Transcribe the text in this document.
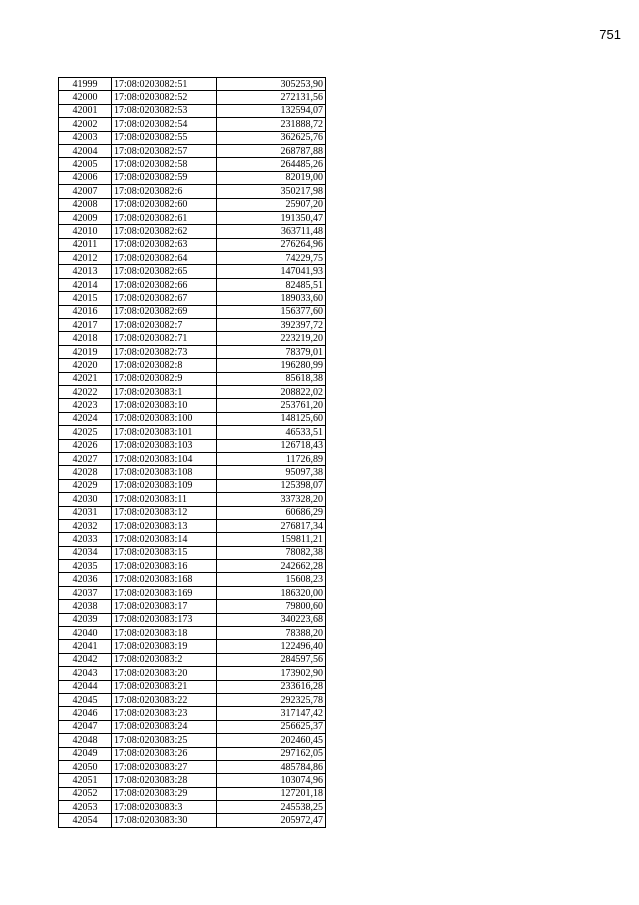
751
41999	17:08:0203082:51	305253,90
42000	17:08:0203082:52	272131,56
42001	17:08:0203082:53	132594,07
42002	17:08:0203082:54	231888,72
42003	17:08:0203082:55	362625,76
42004	17:08:0203082:57	268787,88
42005	17:08:0203082:58	264485,26
42006	17:08:0203082:59	82019,00
42007	17:08:0203082:6	350217,98
42008	17:08:0203082:60	25907,20
42009	17:08:0203082:61	191350,47
42010	17:08:0203082:62	363711,48
42011	17:08:0203082:63	276264,96
42012	17:08:0203082:64	74229,75
42013	17:08:0203082:65	147041,93
42014	17:08:0203082:66	82485,51
42015	17:08:0203082:67	189033,60
42016	17:08:0203082:69	156377,60
42017	17:08:0203082:7	392397,72
42018	17:08:0203082:71	223219,20
42019	17:08:0203082:73	78379,01
42020	17:08:0203082:8	196280,99
42021	17:08:0203082:9	85618,38
42022	17:08:0203083:1	208822,02
42023	17:08:0203083:10	253761,20
42024	17:08:0203083:100	148125,60
42025	17:08:0203083:101	46533,51
42026	17:08:0203083:103	126718,43
42027	17:08:0203083:104	11726,89
42028	17:08:0203083:108	95097,38
42029	17:08:0203083:109	125398,07
42030	17:08:0203083:11	337328,20
42031	17:08:0203083:12	60686,29
42032	17:08:0203083:13	276817,34
42033	17:08:0203083:14	159811,21
42034	17:08:0203083:15	78082,38
42035	17:08:0203083:16	242662,28
42036	17:08:0203083:168	15608,23
42037	17:08:0203083:169	186320,00
42038	17:08:0203083:17	79800,60
42039	17:08:0203083:173	340223,68
42040	17:08:0203083:18	78388,20
42041	17:08:0203083:19	122496,40
42042	17:08:0203083:2	284597,56
42043	17:08:0203083:20	173902,90
42044	17:08:0203083:21	233616,28
42045	17:08:0203083:22	292325,78
42046	17:08:0203083:23	317147,42
42047	17:08:0203083:24	256625,37
42048	17:08:0203083:25	202460,45
42049	17:08:0203083:26	297162,05
42050	17:08:0203083:27	485784,86
42051	17:08:0203083:28	103074,96
42052	17:08:0203083:29	127201,18
42053	17:08:0203083:3	245538,25
42054	17:08:0203083:30	205972,47
